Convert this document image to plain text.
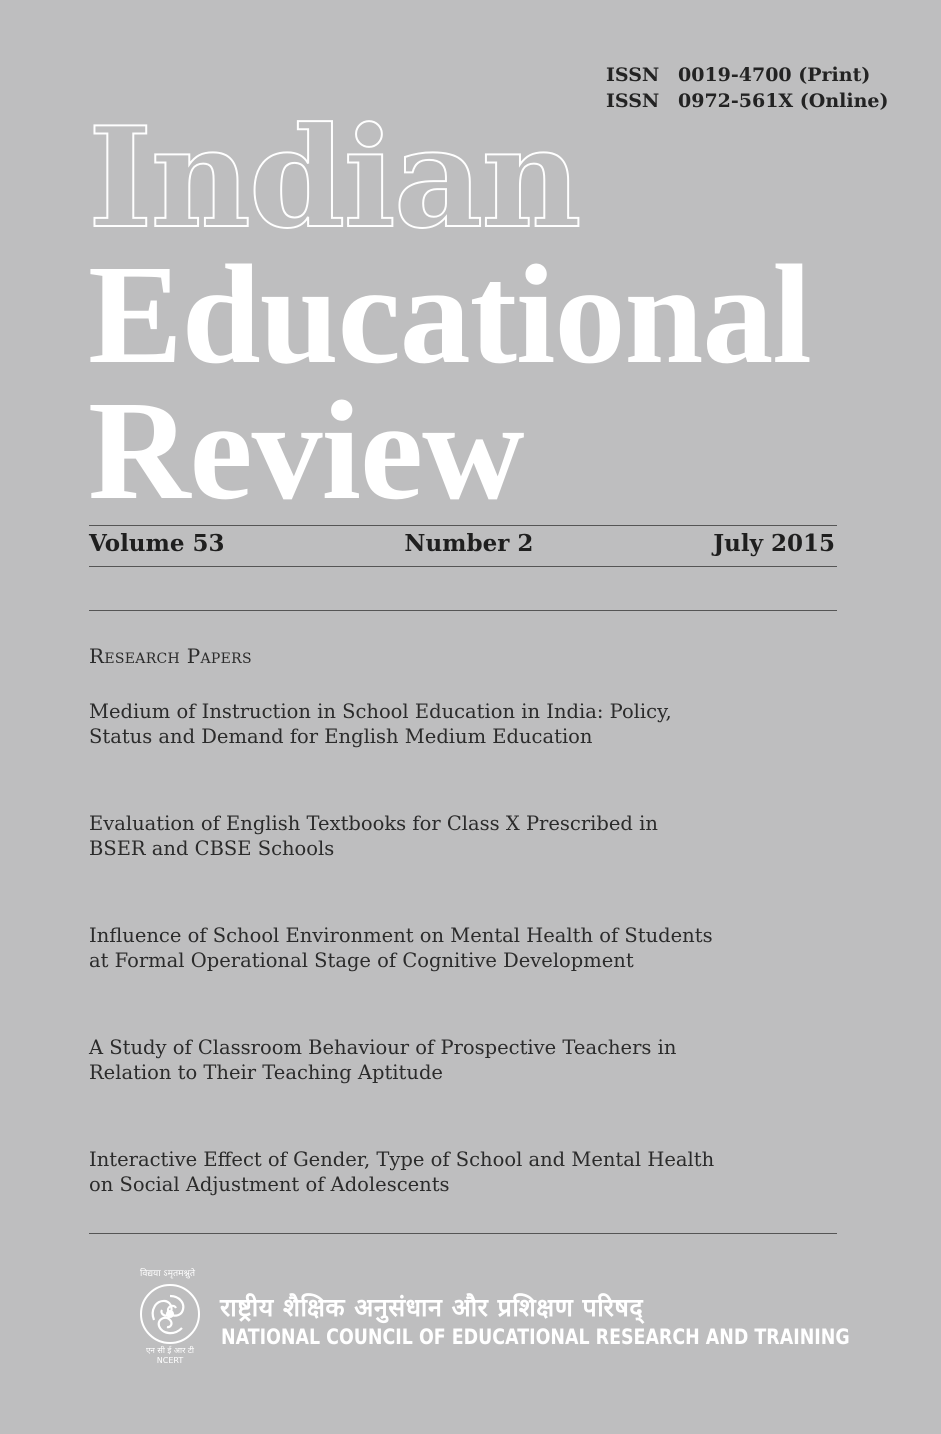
ISSN 0019-4700 (Print)
ISSN 0972-561X (Online)
Indian
Educational
Review
Volume 53	Number 2	July 2015
Research Papers
Medium of Instruction in School Education in India: Policy,
Status and Demand for English Medium Education
Evaluation of English Textbooks for Class X Prescribed in
BSER and CBSE Schools
Influence of School Environment on Mental Health of Students
at Formal Operational Stage of Cognitive Development
A Study of Classroom Behaviour of Prospective Teachers in
Relation to Their Teaching Aptitude
Interactive Effect of Gender, Type of School and Mental Health
on Social Adjustment of Adolescents
विद्यया ऽमृतमश्नुते
एन सी ई आर टी
NCERT
राष्ट्रीय शैक्षिक अनुसंधान और प्रशिक्षण परिषद्
NATIONAL COUNCIL OF EDUCATIONAL RESEARCH AND TRAINING
